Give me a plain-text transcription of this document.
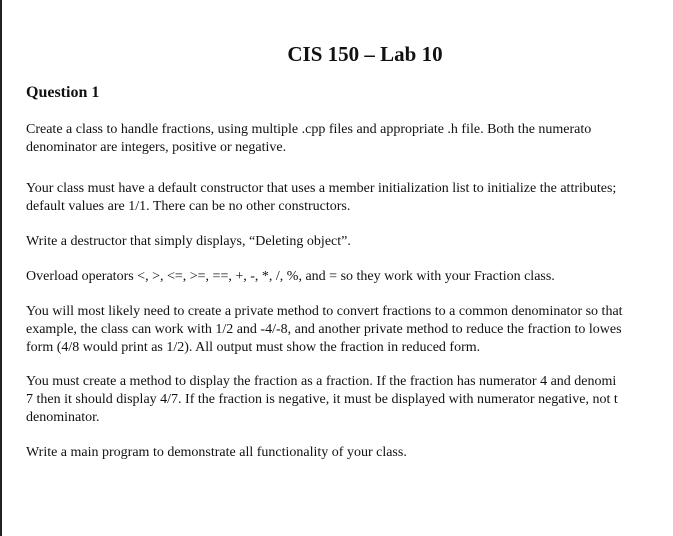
CIS 150 – Lab 10
Question 1
Create a class to handle fractions, using multiple .cpp files and appropriate .h file. Both the numerato
denominator are integers, positive or negative.
Your class must have a default constructor that uses a member initialization list to initialize the attributes;
default values are 1/1. There can be no other constructors.
Write a destructor that simply displays, “Deleting object”.
Overload operators <, >, <=, >=, ==, +, -, *, /, %, and = so they work with your Fraction class.
You will most likely need to create a private method to convert fractions to a common denominator so that
example, the class can work with 1/2 and -4/-8, and another private method to reduce the fraction to lowes
form (4/8 would print as 1/2). All output must show the fraction in reduced form.
You must create a method to display the fraction as a fraction. If the fraction has numerator 4 and denomi
7 then it should display 4/7. If the fraction is negative, it must be displayed with numerator negative, not t
denominator.
Write a main program to demonstrate all functionality of your class.
